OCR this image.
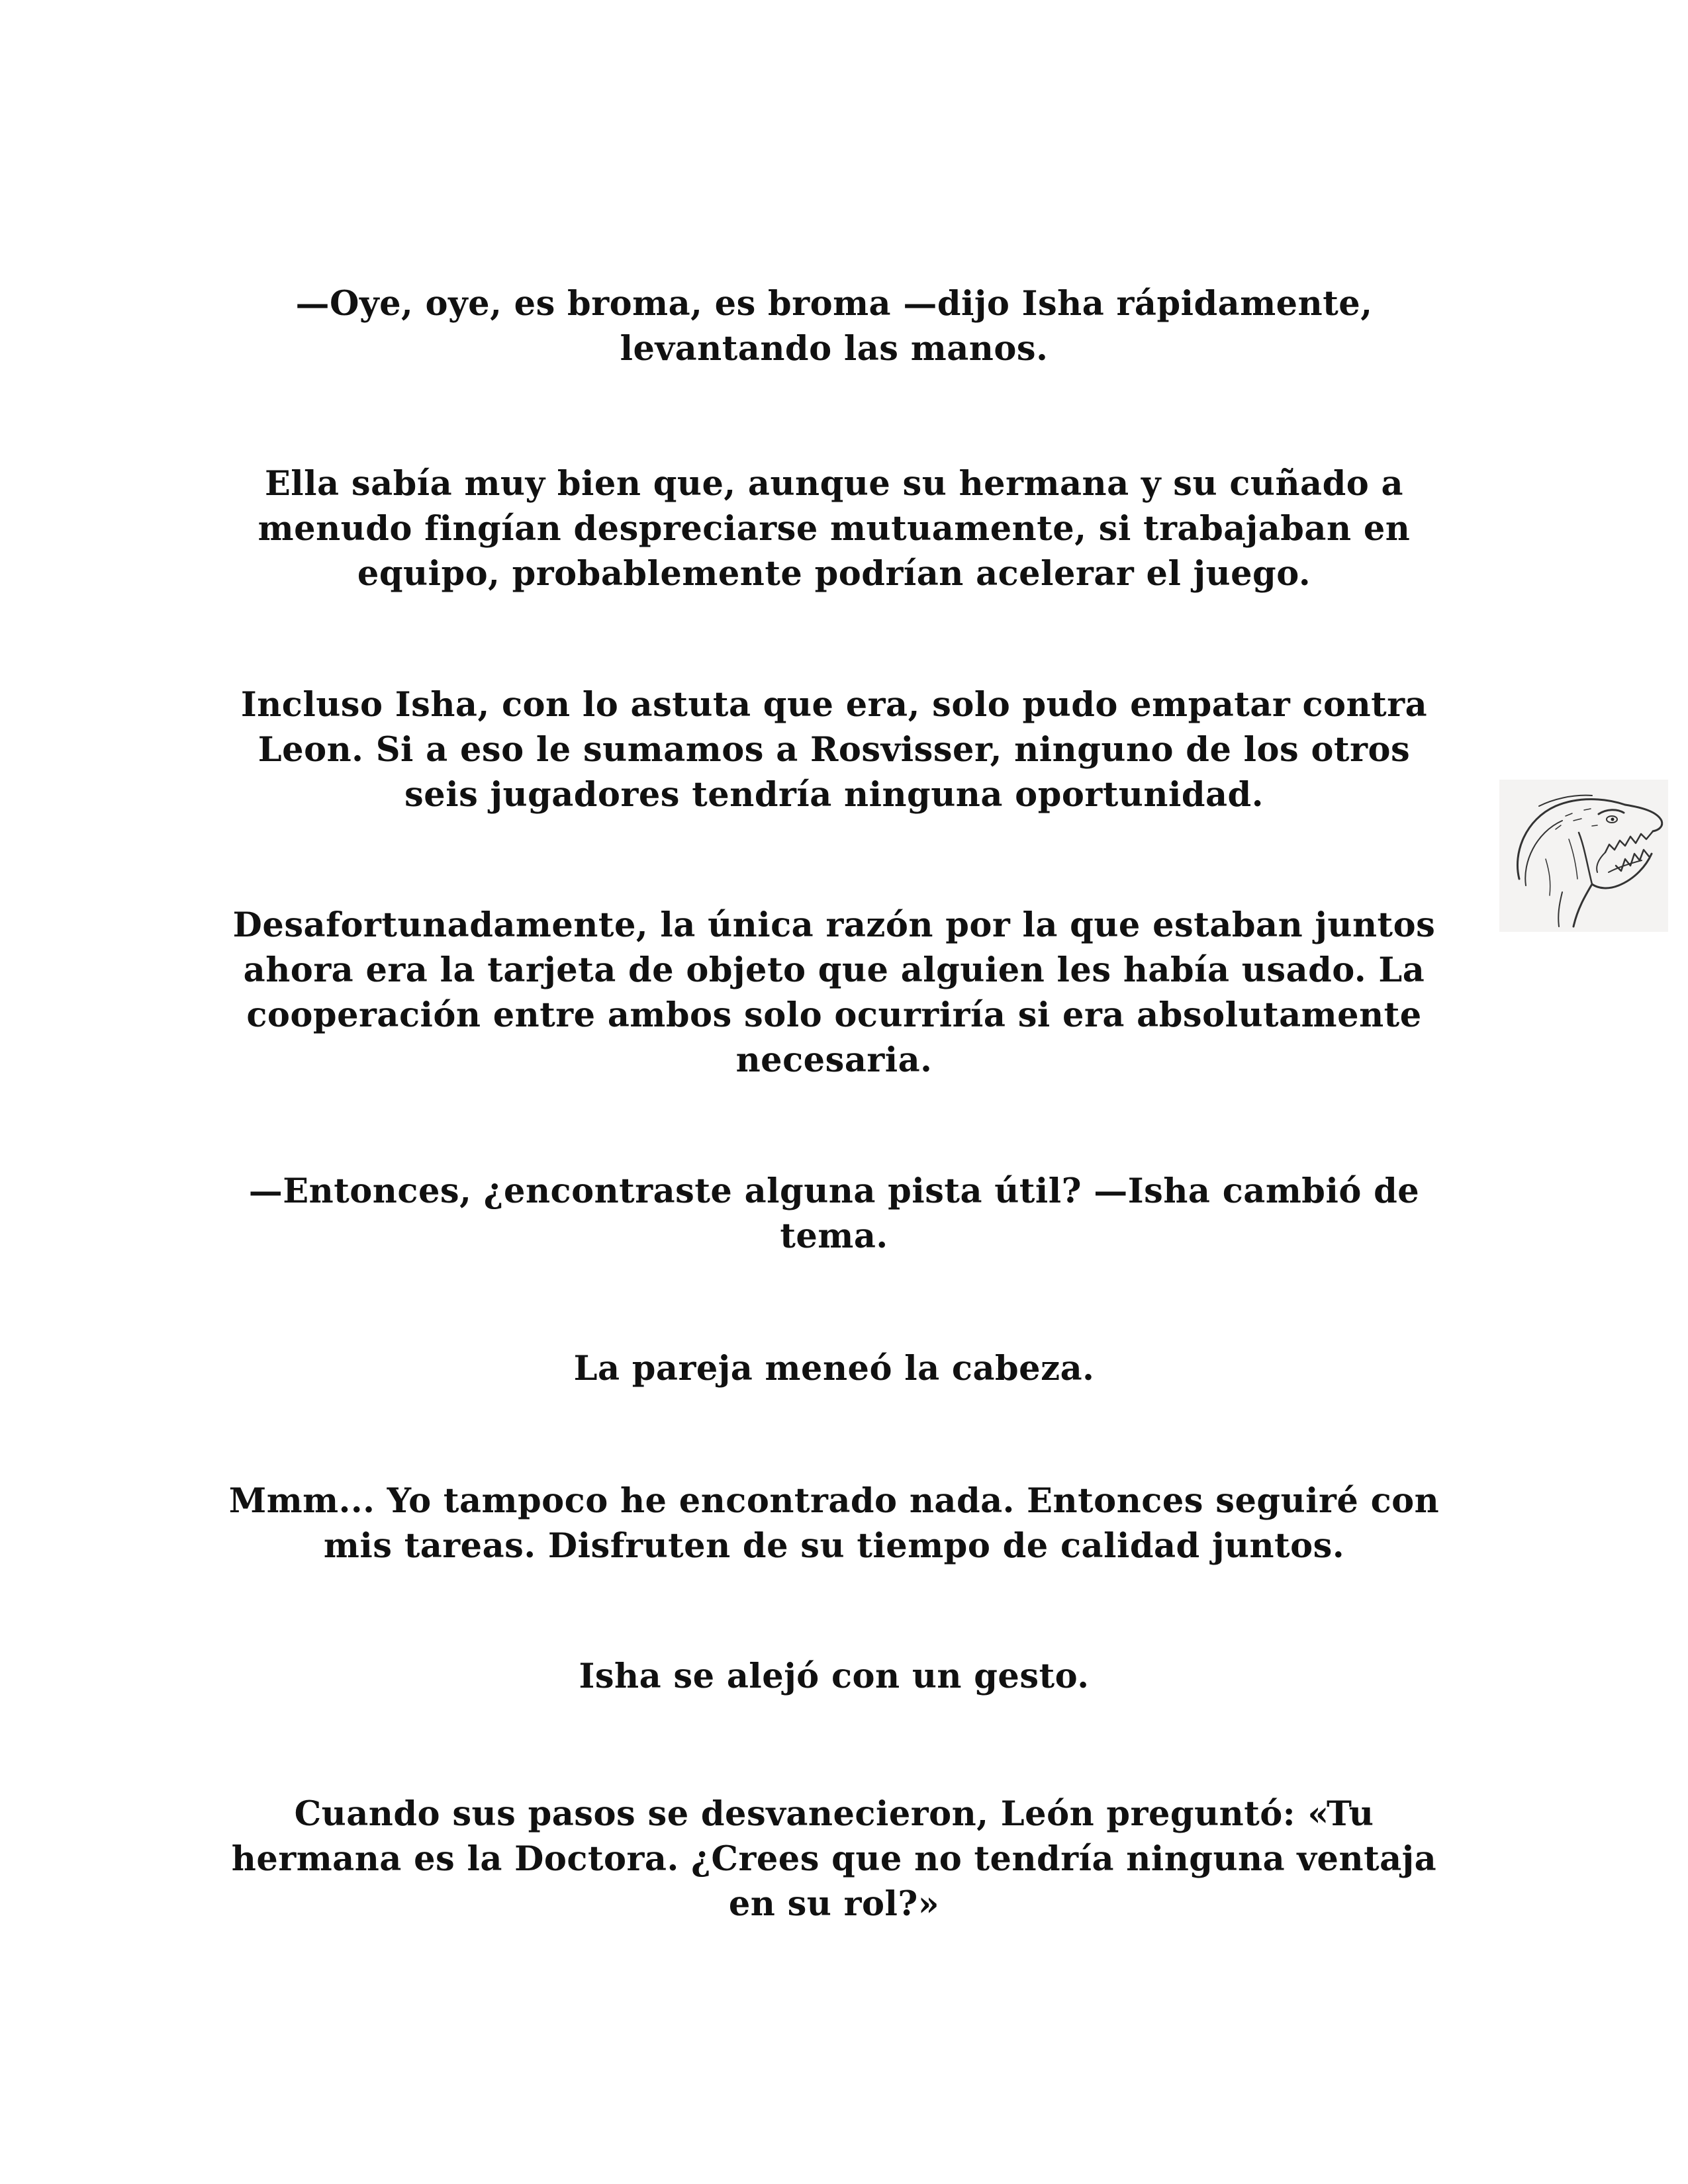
—Oye, oye, es broma, es broma —dijo Isha rápidamente, levantando las manos.

Ella sabía muy bien que, aunque su hermana y su cuñado a menudo fingían despreciarse mutuamente, si trabajaban en equipo, probablemente podrían acelerar el juego.

Incluso Isha, con lo astuta que era, solo pudo empatar contra Leon. Si a eso le sumamos a Rosvisser, ninguno de los otros seis jugadores tendría ninguna oportunidad.

Desafortunadamente, la única razón por la que estaban juntos ahora era la tarjeta de objeto que alguien les había usado. La cooperación entre ambos solo ocurriría si era absolutamente necesaria.

—Entonces, ¿encontraste alguna pista útil? —Isha cambió de tema.

La pareja meneó la cabeza.

Mmm... Yo tampoco he encontrado nada. Entonces seguiré con mis tareas. Disfruten de su tiempo de calidad juntos.

Isha se alejó con un gesto.

Cuando sus pasos se desvanecieron, León preguntó: «Tu hermana es la Doctora. ¿Crees que no tendría ninguna ventaja en su rol?»
